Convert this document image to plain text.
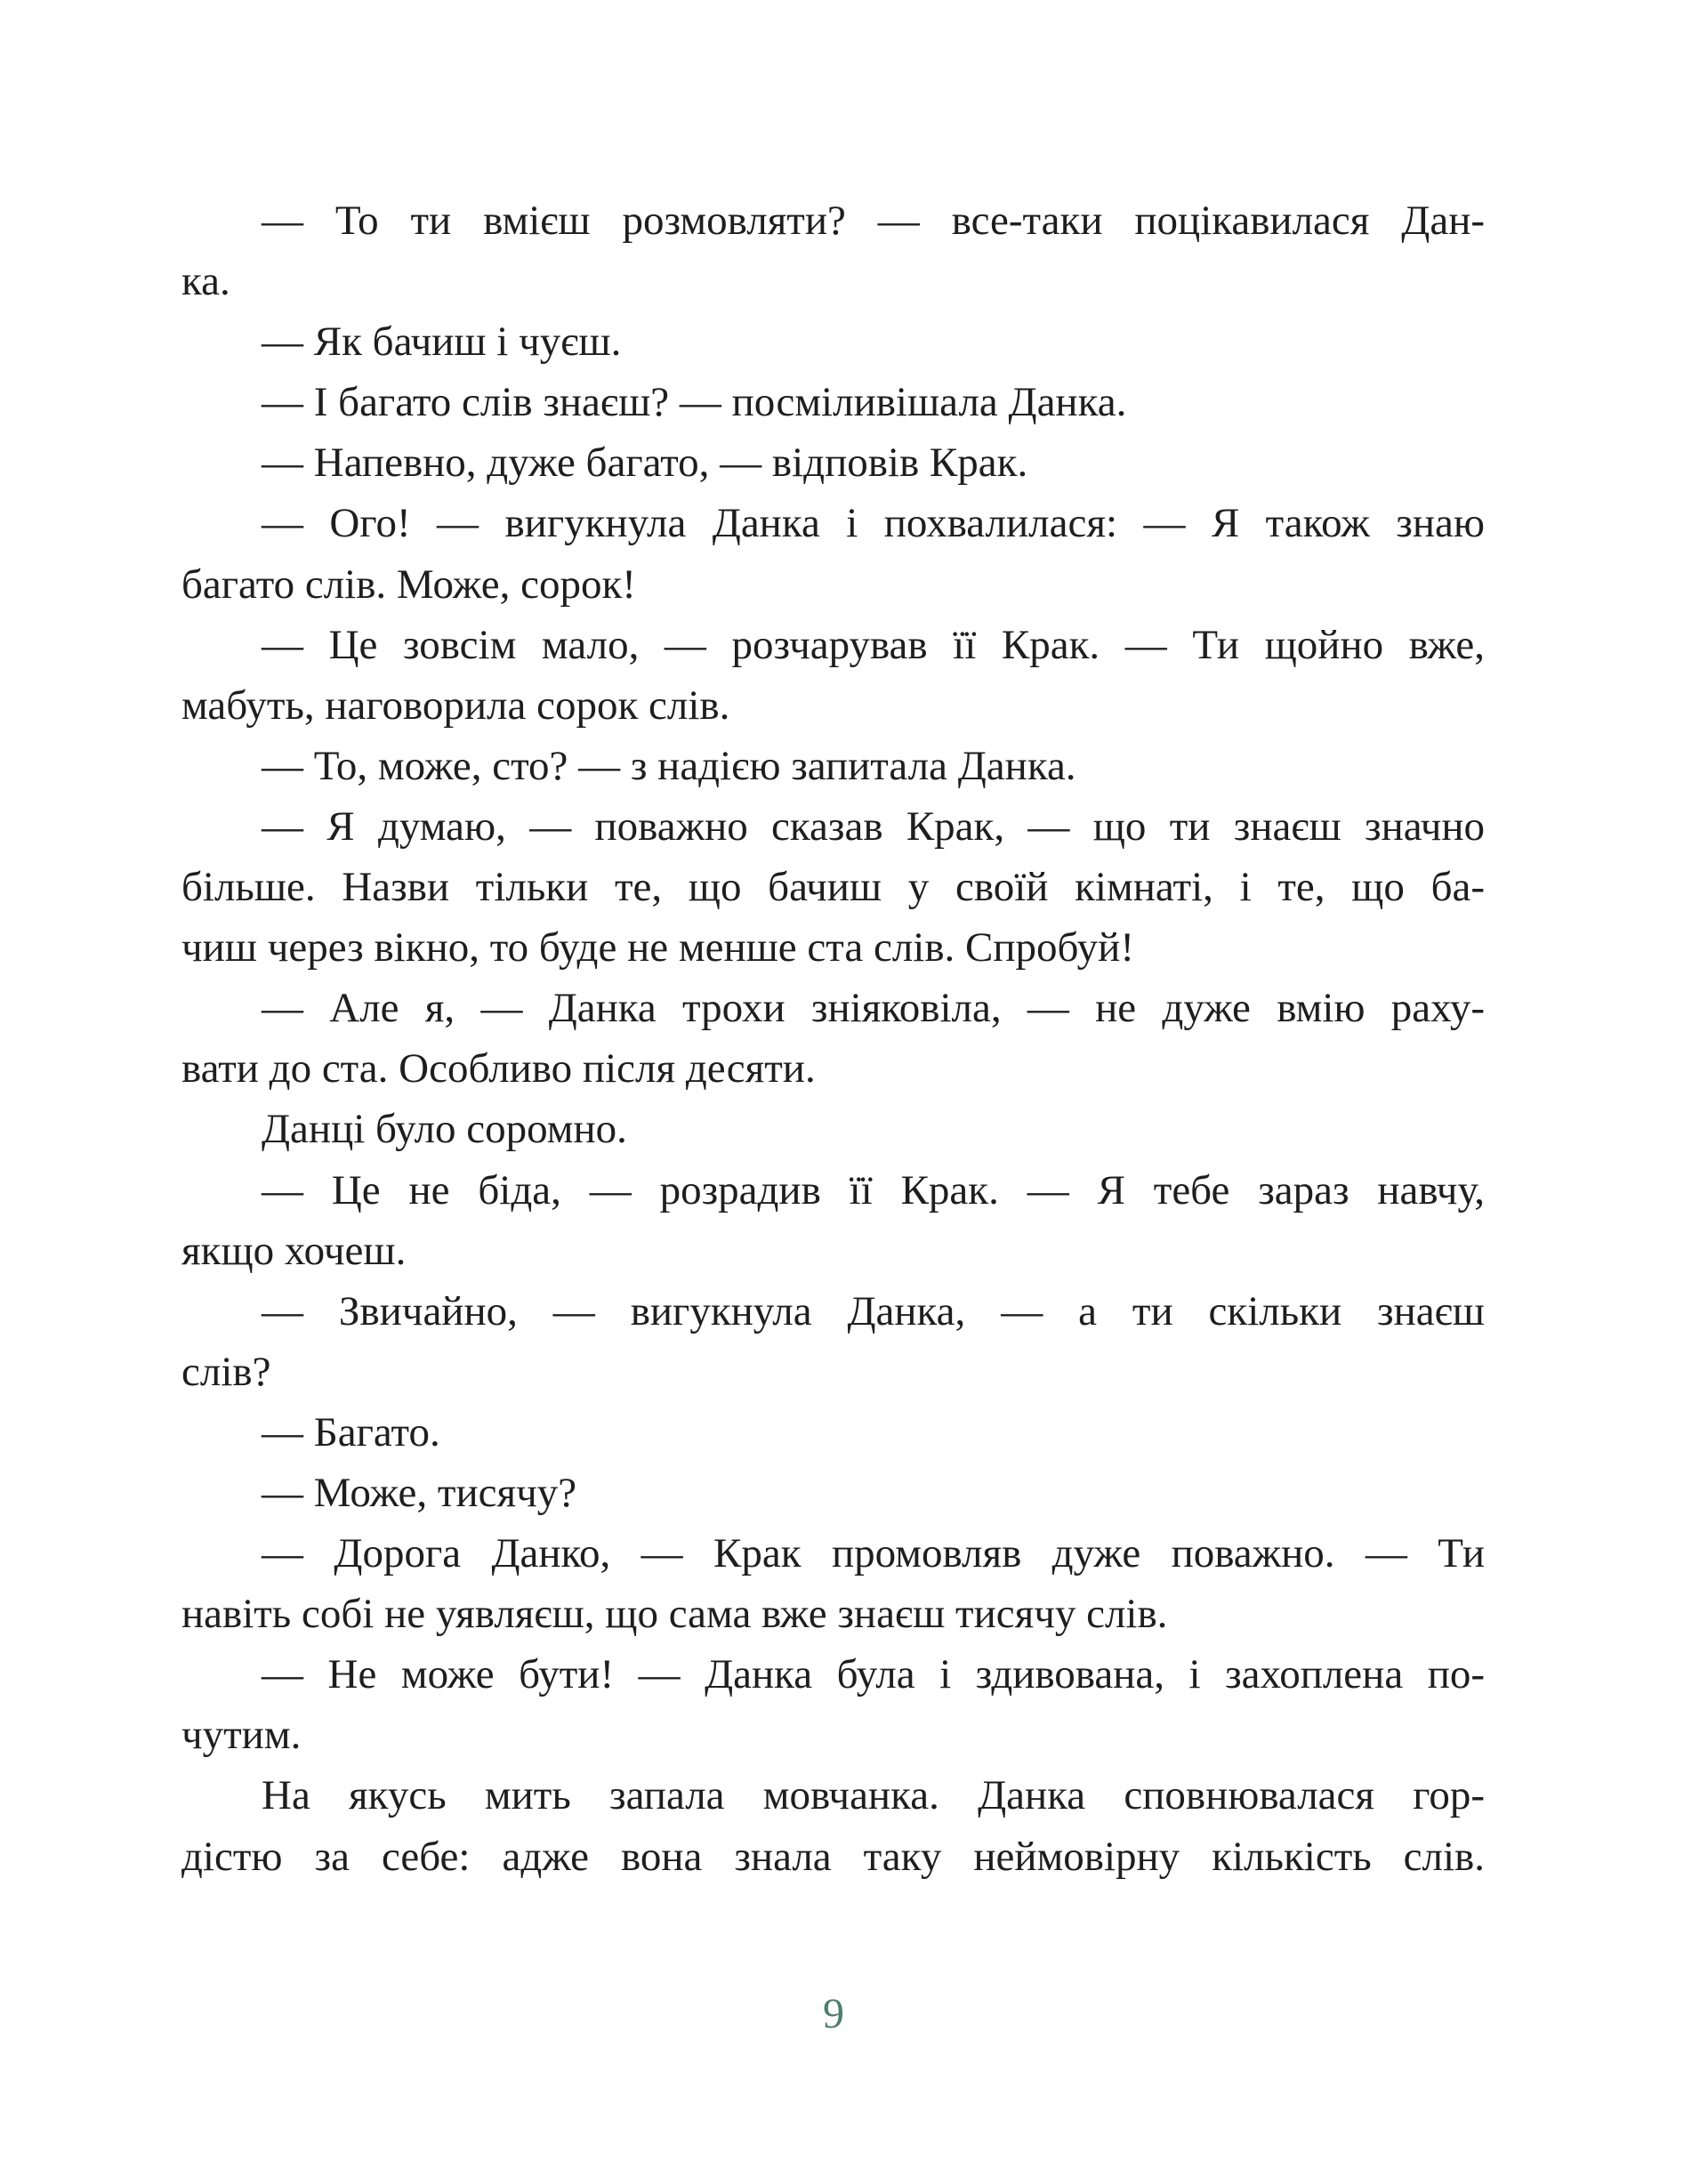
— То ти вмієш розмовляти? — все-таки поцікавилася Дан-
ка.
— Як бачиш і чуєш.
— І багато слів знаєш? — посміливішала Данка.
— Напевно, дуже багато, — відповів Крак.
— Ого! — вигукнула Данка і похвалилася: — Я також знаю
багато слів. Може, сорок!
— Це зовсім мало, — розчарував її Крак. — Ти щойно вже,
мабуть, наговорила сорок слів.
— То, може, сто? — з надією запитала Данка.
— Я думаю, — поважно сказав Крак, — що ти знаєш значно
більше. Назви тільки те, що бачиш у своїй кімнаті, і те, що ба-
чиш через вікно, то буде не менше ста слів. Спробуй!
— Але я, — Данка трохи зніяковіла, — не дуже вмію раху-
вати до ста. Особливо після десяти.
Данці було соромно.
— Це не біда, — розрадив її Крак. — Я тебе зараз навчу,
якщо хочеш.
— Звичайно, — вигукнула Данка, — а ти скільки знаєш
слів?
— Багато.
— Може, тисячу?
— Дорога Данко, — Крак промовляв дуже поважно. — Ти
навіть собі не уявляєш, що сама вже знаєш тисячу слів.
— Не може бути! — Данка була і здивована, і захоплена по-
чутим.
На якусь мить запала мовчанка. Данка сповнювалася гор-
дістю за себе: адже вона знала таку неймовірну кількість слів.
9
